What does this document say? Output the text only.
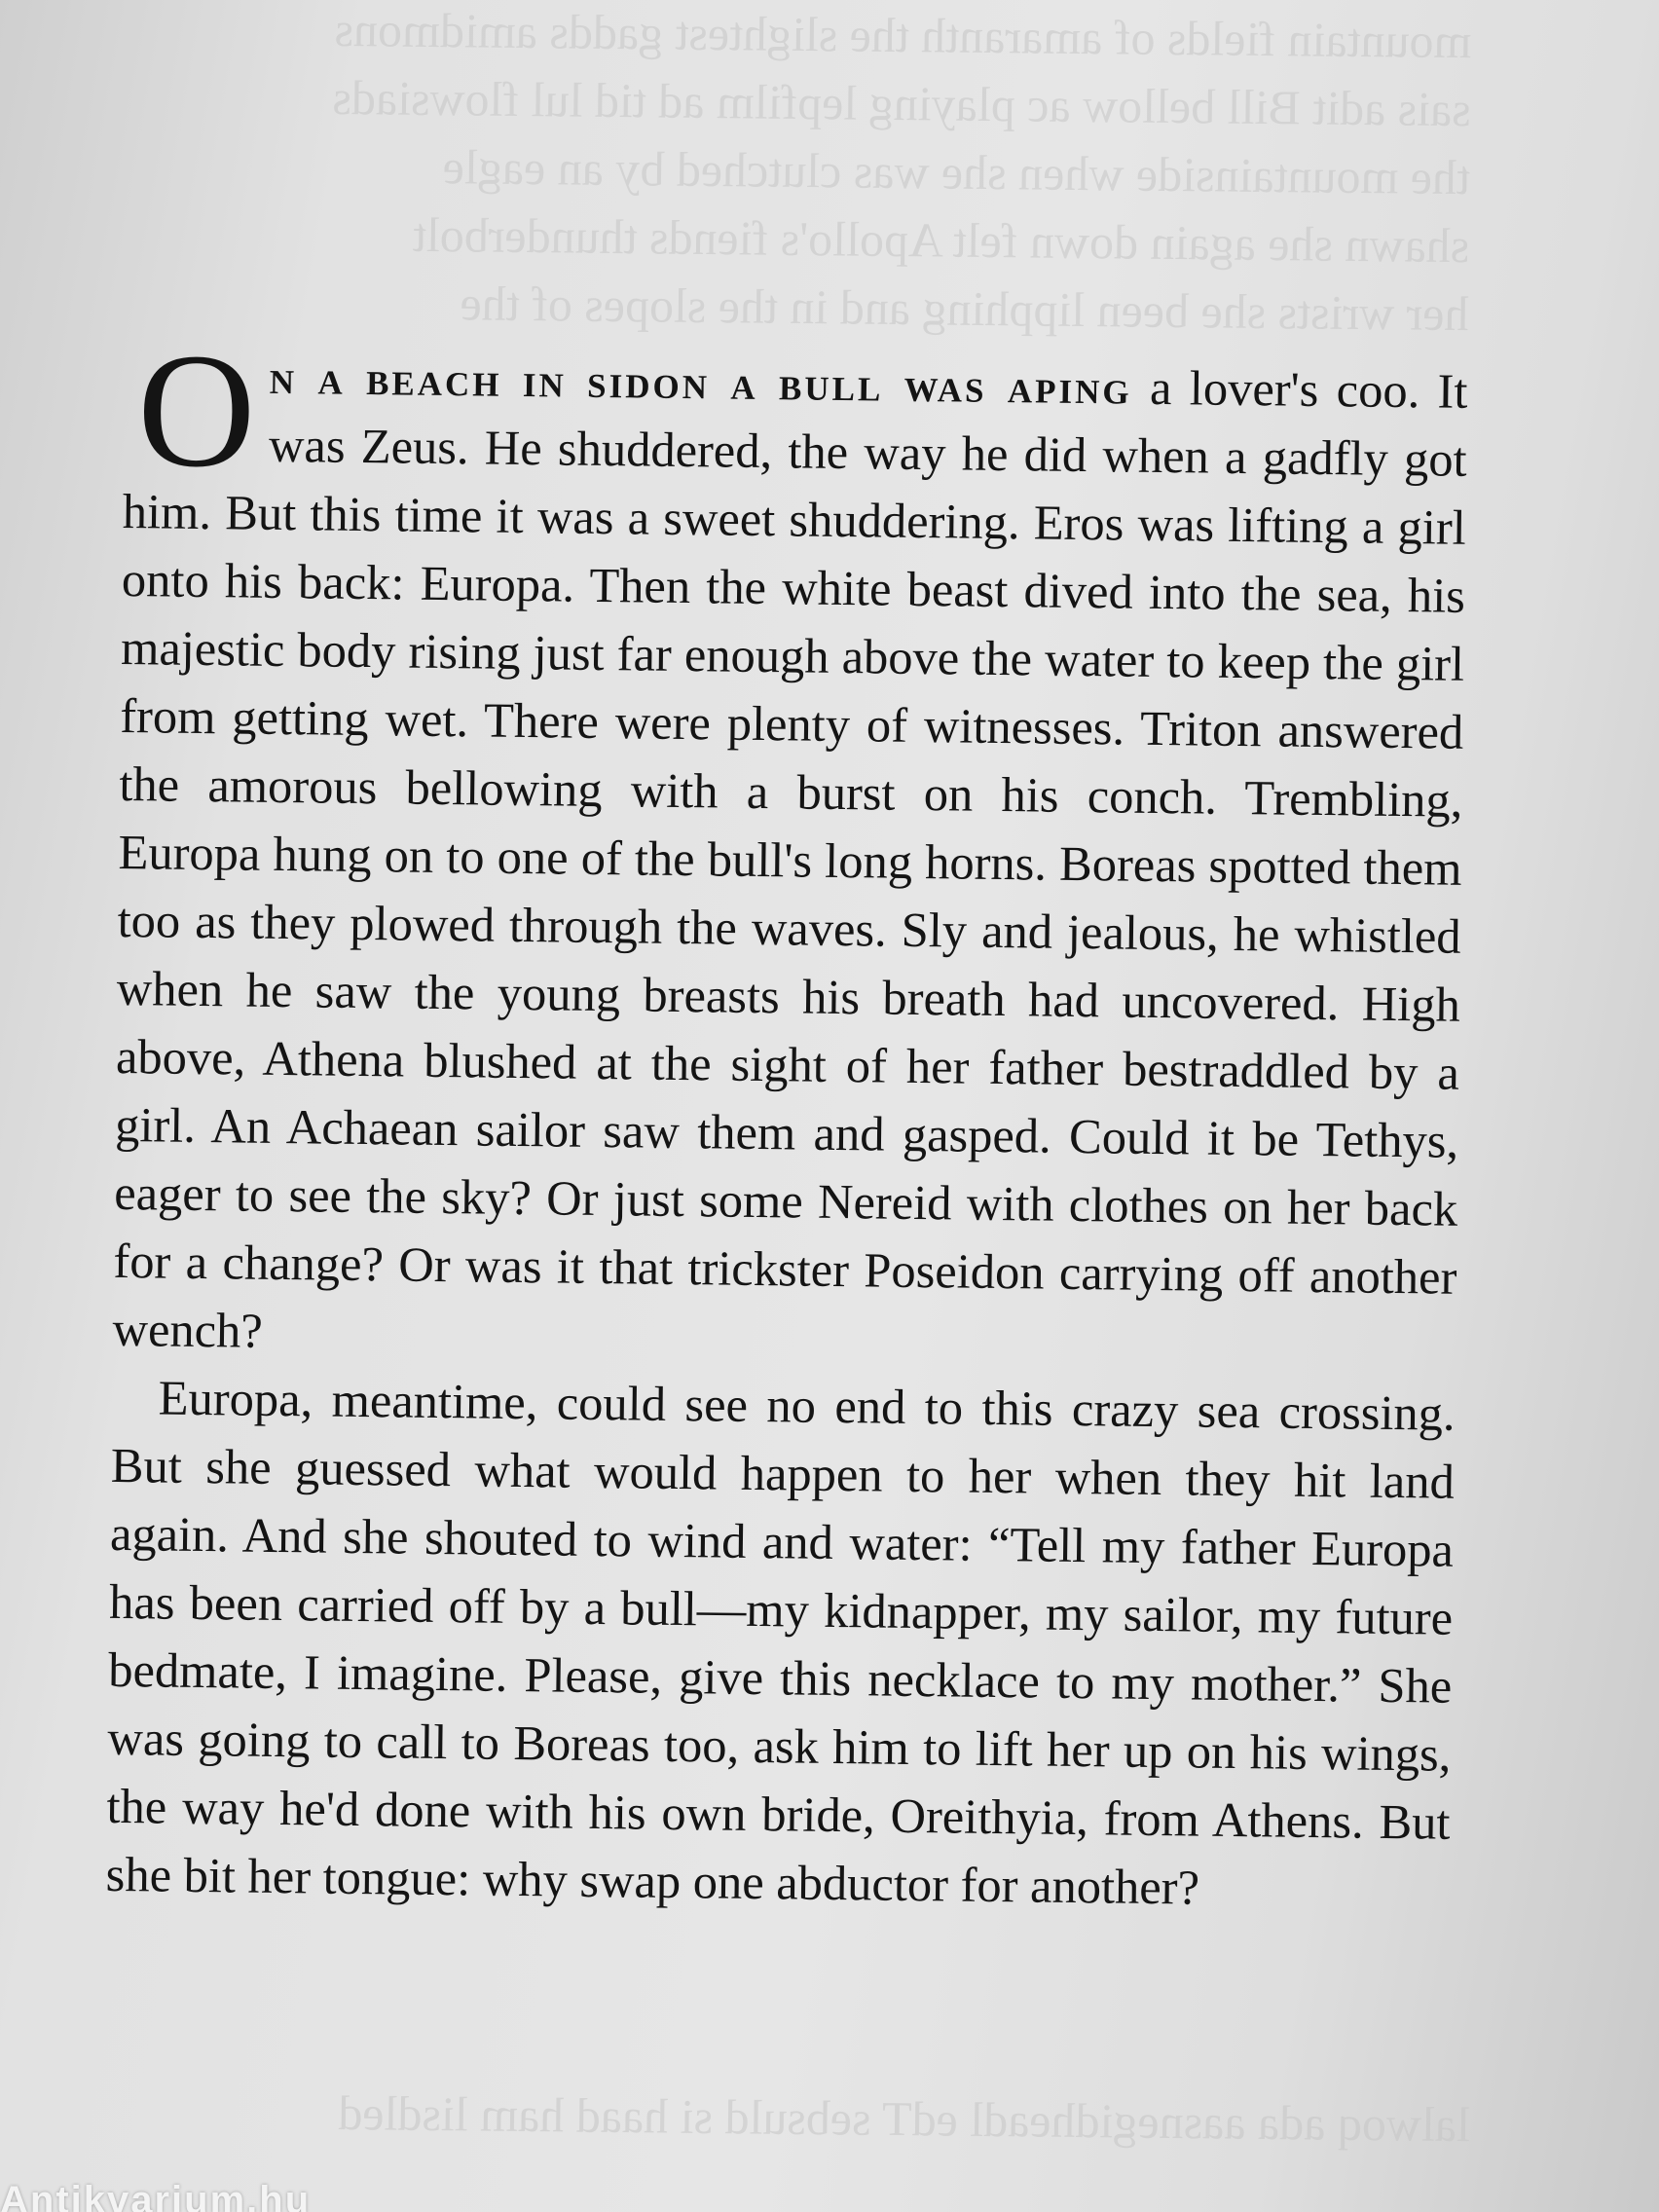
mountain fields of amaranth the slightest gadds amidmons
sais adit Bill bellow ac playing lepfilm ad tid lul flowsiads
the mountainside when she was clutched by an eagle
shawn she again down felt Apollo's fiends thunderbolt
her wrists she been lipphing and in the slopes of the

O n a beach in sidon a bull was aping a lover's coo. It was Zeus. He shuddered, the way he did when a gadfly got him. But this time it was a sweet shuddering. Eros was lifting a girl onto his back: Europa. Then the white beast dived into the sea, his majestic body rising just far enough above the water to keep the girl from getting wet. There were plenty of witnesses. Triton answered the amorous bellowing with a burst on his conch. Trembling, Europa hung on to one of the bull's long horns. Boreas spotted them too as they plowed through the waves. Sly and jealous, he whistled when he saw the young breasts his breath had uncovered. High above, Athena blushed at the sight of her father bestraddled by a girl. An Achaean sailor saw them and gasped. Could it be Tethys, eager to see the sky? Or just some Nereid with clothes on her back for a change? Or was it that trickster Poseidon carrying off another wench?

Europa, meantime, could see no end to this crazy sea crossing. But she guessed what would happen to her when they hit land again. And she shouted to wind and water: “Tell my father Europa has been carried off by a bull—my kidnapper, my sailor, my future bedmate, I imagine. Please, give this necklace to my mother.” She was going to call to Boreas too, ask him to lift her up on his wings, the way he'd done with his own bride, Oreithyia, from Athens. But she bit her tongue: why swap one abductor for another?

lalwoq ada aasnegidheadl edT sebsuld si haad ham lisdled
Antikvarium.hu
